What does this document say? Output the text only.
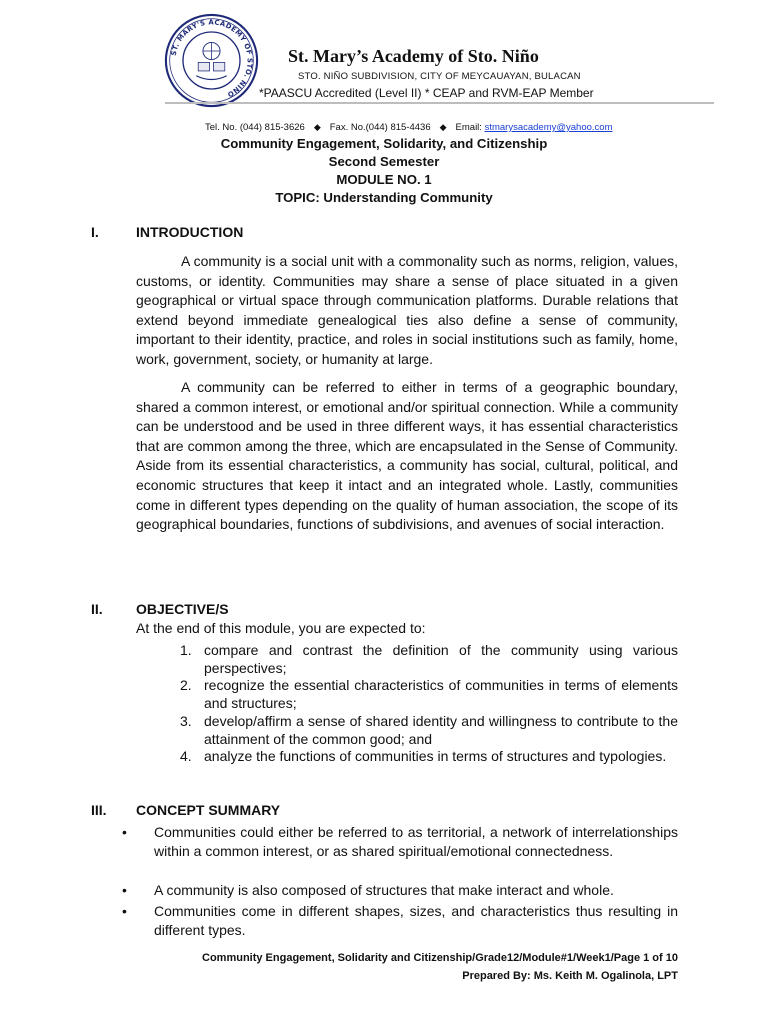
ST. MARY'S ACADEMY OF STO. NIÑO
St. Mary’s Academy of Sto. Niño
STO. NIÑO SUBDIVISION, CITY OF MEYCAUAYAN, BULACAN
*PAASCU Accredited (Level II) * CEAP and RVM-EAP Member
Tel. No. (044) 815-3626 ◆ Fax. No.(044) 815-4436 ◆ Email: stmarysacademy@yahoo.com
Community Engagement, Solidarity, and Citizenship
Second Semester
MODULE NO. 1
TOPIC: Understanding Community
I.	INTRODUCTION
A community is a social unit with a commonality such as norms, religion, values, customs, or identity. Communities may share a sense of place situated in a given geographical or virtual space through communication platforms. Durable relations that extend beyond immediate genealogical ties also define a sense of community, important to their identity, practice, and roles in social institutions such as family, home, work, government, society, or humanity at large.
A community can be referred to either in terms of a geographic boundary, shared a common interest, or emotional and/or spiritual connection. While a community can be understood and be used in three different ways, it has essential characteristics that are common among the three, which are encapsulated in the Sense of Community. Aside from its essential characteristics, a community has social, cultural, political, and economic structures that keep it intact and an integrated whole. Lastly, communities come in different types depending on the quality of human association, the scope of its geographical boundaries, functions of subdivisions, and avenues of social interaction.
II. OBJECTIVE/S
At the end of this module, you are expected to:
1. compare and contrast the definition of the community using various perspectives;
2. recognize the essential characteristics of communities in terms of elements and structures;
3. develop/affirm a sense of shared identity and willingness to contribute to the attainment of the common good; and
4. analyze the functions of communities in terms of structures and typologies.
III. CONCEPT SUMMARY
• Communities could either be referred to as territorial, a network of interrelationships within a common interest, or as shared spiritual/emotional connectedness.
• A community is also composed of structures that make interact and whole.
• Communities come in different shapes, sizes, and characteristics thus resulting in different types.
Community Engagement, Solidarity and Citizenship/Grade12/Module#1/Week1/Page 1 of 10
Prepared By: Ms. Keith M. Ogalinola, LPT
